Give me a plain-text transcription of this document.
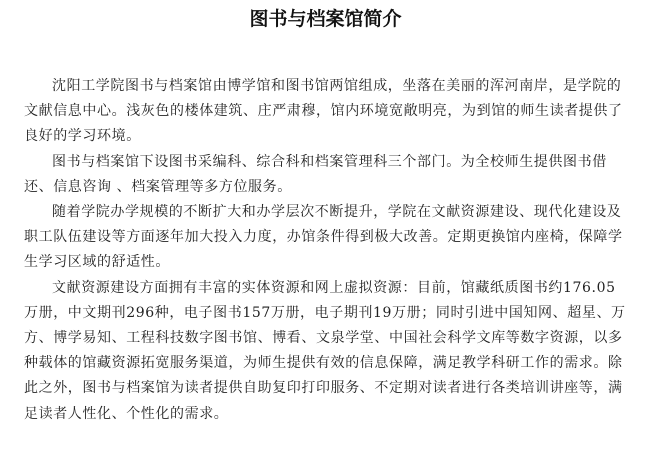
图书与档案馆简介

沈阳工学院图书与档案馆由博学馆和图书馆两馆组成，坐落在美丽的浑河南岸，是学院的文献信息中心。浅灰色的楼体建筑、庄严肃穆，馆内环境宽敞明亮，为到馆的师生读者提供了良好的学习环境。

图书与档案馆下设图书采编科、综合科和档案管理科三个部门。为全校师生提供图书借还、信息咨询 、档案管理等多方位服务。

随着学院办学规模的不断扩大和办学层次不断提升，学院在文献资源建设、现代化建设及职工队伍建设等方面逐年加大投入力度，办馆条件得到极大改善。定期更换馆内座椅，保障学生学习区域的舒适性。

文献资源建设方面拥有丰富的实体资源和网上虚拟资源：目前，馆藏纸质图书约176.05万册，中文期刊296种，电子图书157万册，电子期刊19万册；同时引进中国知网、超星、万方、博学易知、工程科技数字图书馆、博看、文泉学堂、中国社会科学文库等数字资源，以多种载体的馆藏资源拓宽服务渠道，为师生提供有效的信息保障，满足教学科研工作的需求。除此之外，图书与档案馆为读者提供自助复印打印服务、不定期对读者进行各类培训讲座等，满足读者人性化、个性化的需求。
